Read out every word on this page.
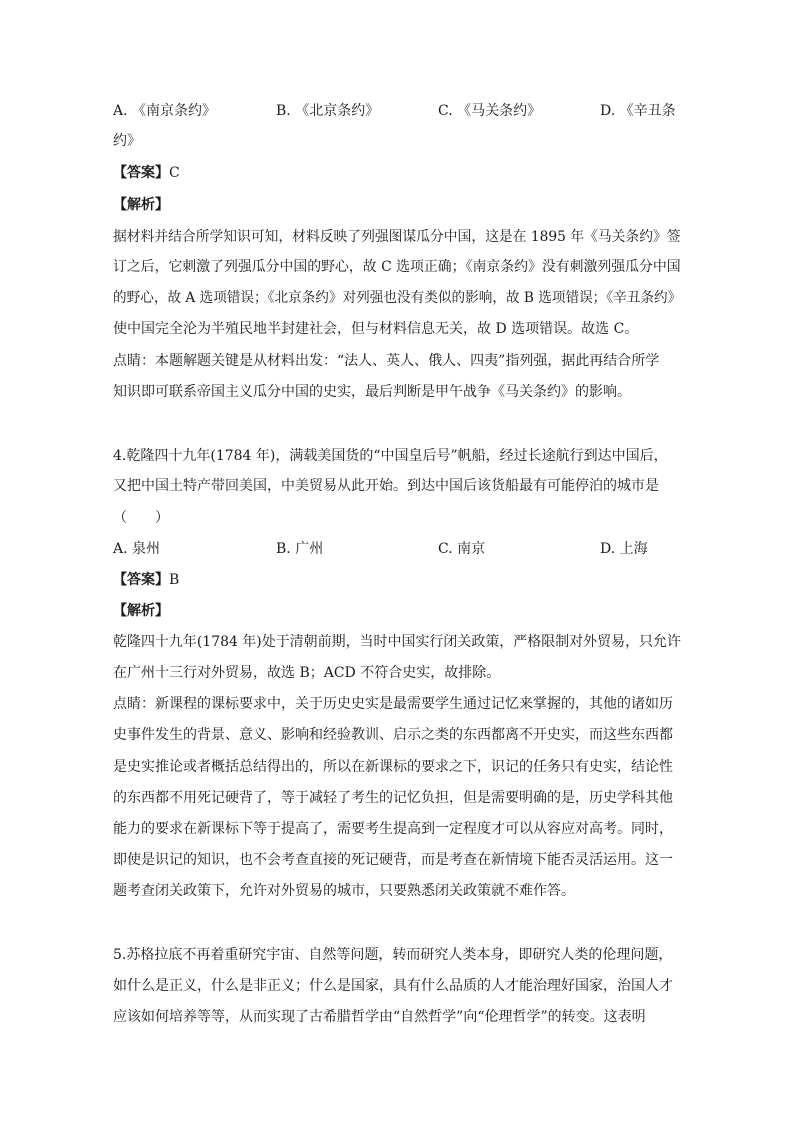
A. 《南京条约》	B. 《北京条约》	C. 《马关条约》	D. 《辛丑条
约》
【答案】C
【解析】
据材料并结合所学知识可知，材料反映了列强图谋瓜分中国，这是在 1895 年《马关条约》签
订之后，它刺激了列强瓜分中国的野心，故 C 选项正确；《南京条约》没有刺激列强瓜分中国
的野心，故 A 选项错误；《北京条约》对列强也没有类似的影响，故 B 选项错误；《辛丑条约》
使中国完全沦为半殖民地半封建社会，但与材料信息无关，故 D 选项错误。故选 C。
点睛：本题解题关键是从材料出发：“法人、英人、俄人、四夷”指列强，据此再结合所学
知识即可联系帝国主义瓜分中国的史实，最后判断是甲午战争《马关条约》的影响。
4.乾隆四十九年(1784 年)，满载美国货的“中国皇后号”帆船，经过长途航行到达中国后，
又把中国土特产带回美国，中美贸易从此开始。到达中国后该货船最有可能停泊的城市是
（　　）
A. 泉州	B. 广州	C. 南京	D. 上海
【答案】B
【解析】
乾隆四十九年(1784 年)处于清朝前期，当时中国实行闭关政策，严格限制对外贸易，只允许
在广州十三行对外贸易，故选 B；ACD 不符合史实，故排除。
点睛：新课程的课标要求中，关于历史史实是最需要学生通过记忆来掌握的，其他的诸如历
史事件发生的背景、意义、影响和经验教训、启示之类的东西都离不开史实，而这些东西都
是史实推论或者概括总结得出的，所以在新课标的要求之下，识记的任务只有史实，结论性
的东西都不用死记硬背了，等于减轻了考生的记忆负担，但是需要明确的是，历史学科其他
能力的要求在新课标下等于提高了，需要考生提高到一定程度才可以从容应对高考。同时，
即使是识记的知识，也不会考查直接的死记硬背，而是考查在新情境下能否灵活运用。这一
题考查闭关政策下，允许对外贸易的城市，只要熟悉闭关政策就不难作答。
5.苏格拉底不再着重研究宇宙、自然等问题，转而研究人类本身，即研究人类的伦理问题，
如什么是正义，什么是非正义；什么是国家，具有什么品质的人才能治理好国家，治国人才
应该如何培养等等，从而实现了古希腊哲学由“自然哲学”向“伦理哲学”的转变。这表明
